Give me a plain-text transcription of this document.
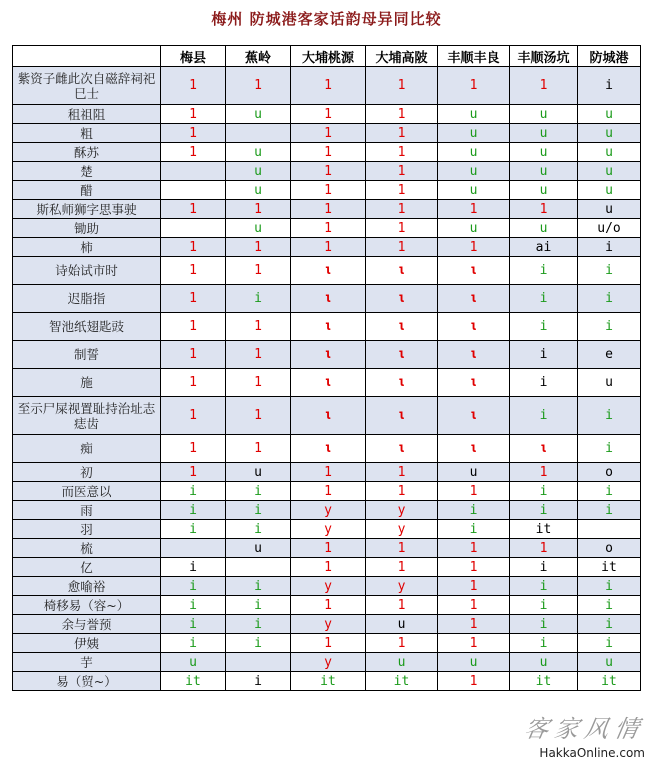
梅州 防城港客家话韵母异同比较
	梅县	蕉岭	大埔桃源	大埔高陂	丰顺丰良	丰顺汤坑	防城港
紫资子雌此次自磁辞祠祀巳士	1	1	1	1	1	1	i
租祖阻	1	u	1	1	u	u	u
粗	1		1	1	u	u	u
酥苏	1	u	1	1	u	u	u
楚		u	1	1	u	u	u
醋		u	1	1	u	u	u
斯私师狮字思事驶	1	1	1	1	1	1	u
锄助		u	1	1	u	u	u/o
柿	1	1	1	1	1	ai	i
诗始试市时	1	1	ι	ι	ι	i	i
迟脂指	1	i	ι	ι	ι	i	i
智池纸翅匙豉	1	1	ι	ι	ι	i	i
制誓	1	1	ι	ι	ι	i	e
施	1	1	ι	ι	ι	i	u
至示尸屎视置耻持治址志痣齿	1	1	ι	ι	ι	i	i
痴	1	1	ι	ι	ι	ι	i
初	1	u	1	1	u	1	o
而医意以	i	i	1	1	1	i	i
雨	i	i	y	y	i	i	i
羽	i	i	y	y	i	it	
梳		u	1	1	1	1	o
亿	i		1	1	1	i	it
愈喻裕	i	i	y	y	1	i	i
椅移易（容~）	i	i	1	1	1	i	i
余与誉预	i	i	y	u	1	i	i
伊姨	i	i	1	1	1	i	i
芋	u		y	u	u	u	u
易（贸~）	it	i	it	it	1	it	it
客家风情
HakkaOnline.com
